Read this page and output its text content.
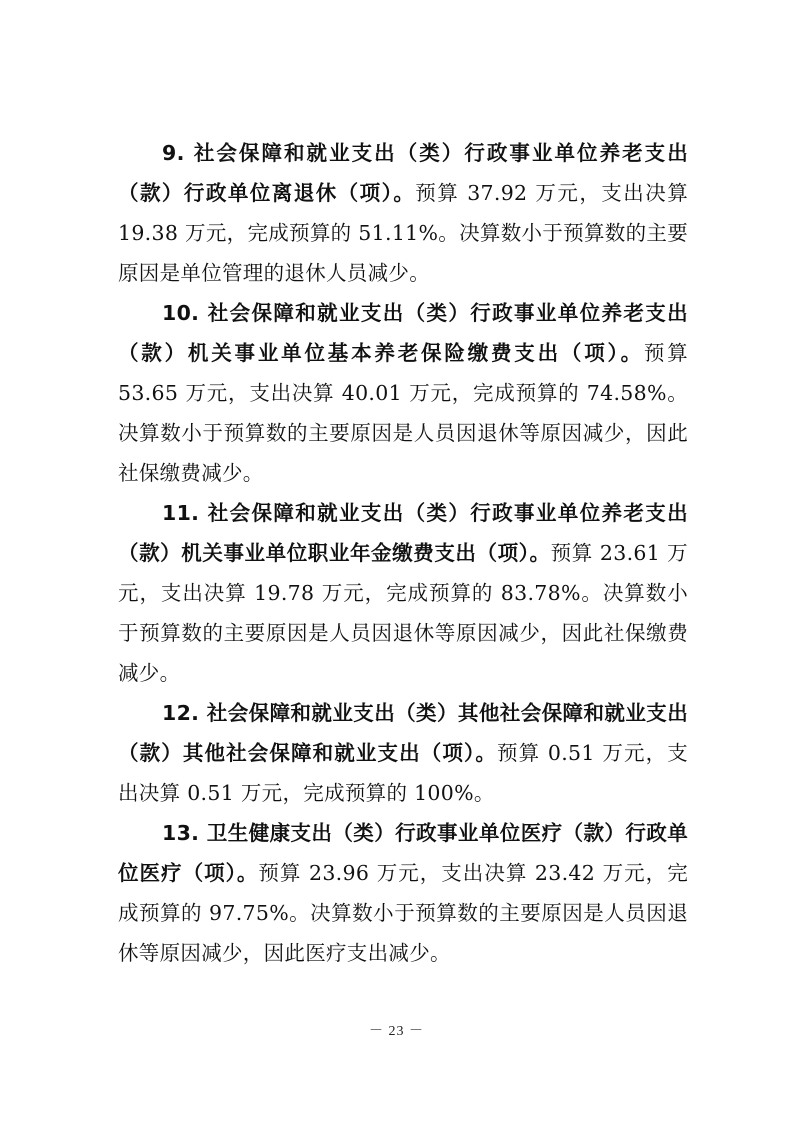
9. 社会保障和就业支出（类）行政事业单位养老支出（款）行政单位离退休（项）。预算 37.92 万元，支出决算 19.38 万元，完成预算的 51.11%。决算数小于预算数的主要原因是单位管理的退休人员减少。

10. 社会保障和就业支出（类）行政事业单位养老支出（款）机关事业单位基本养老保险缴费支出（项）。预算 53.65 万元，支出决算 40.01 万元，完成预算的 74.58%。决算数小于预算数的主要原因是人员因退休等原因减少，因此社保缴费减少。

11. 社会保障和就业支出（类）行政事业单位养老支出（款）机关事业单位职业年金缴费支出（项）。预算 23.61 万元，支出决算 19.78 万元，完成预算的 83.78%。决算数小于预算数的主要原因是人员因退休等原因减少，因此社保缴费减少。

12. 社会保障和就业支出（类）其他社会保障和就业支出（款）其他社会保障和就业支出（项）。预算 0.51 万元，支出决算 0.51 万元，完成预算的 100%。

13. 卫生健康支出（类）行政事业单位医疗（款）行政单位医疗（项）。预算 23.96 万元，支出决算 23.42 万元，完成预算的 97.75%。决算数小于预算数的主要原因是人员因退休等原因减少，因此医疗支出减少。

－ 23 －
